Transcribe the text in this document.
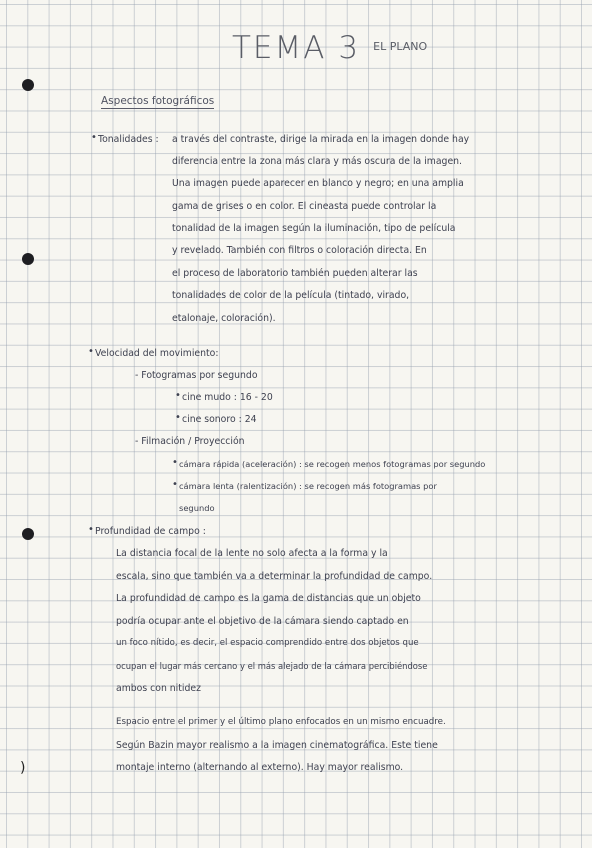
)
TEMA 3 $^{EL PLANO}$
Aspectos fotográficos
• Tonalidades : a través del contraste, dirige la mirada en la imagen donde hay
diferencia entre la zona más clara y más oscura de la imagen.
Una imagen puede aparecer en blanco y negro; en una amplia
gama de grises o en color. El cineasta puede controlar la
tonalidad de la imagen según la iluminación, tipo de película
y revelado. También con filtros o coloración directa. En
el proceso de laboratorio también pueden alterar las
tonalidades de color de la película (tintado, virado,
etalonaje, coloración).
• Velocidad del movimiento:
- Fotogramas por segundo
• cine mudo : 16 - 20
• cine sonoro : 24
- Filmación / Proyección
• cámara rápida (aceleración) : se recogen menos fotogramas por segundo
• cámara lenta (ralentización) : se recogen más fotogramas por
segundo
• Profundidad de campo :
La distancia focal de la lente no solo afecta a la forma y la
escala, sino que también va a determinar la profundidad de campo.
La profundidad de campo es la gama de distancias que un objeto
podría ocupar ante el objetivo de la cámara siendo captado en
un foco nítido, es decir, el espacio comprendido entre dos objetos que
ocupan el lugar más cercano y el más alejado de la cámara percibiéndose
ambos con nitidez
Espacio entre el primer y el último plano enfocados en un mismo encuadre.
Según Bazin mayor realismo a la imagen cinematográfica. Este tiene
montaje interno (alternando al externo). Hay mayor realismo.
